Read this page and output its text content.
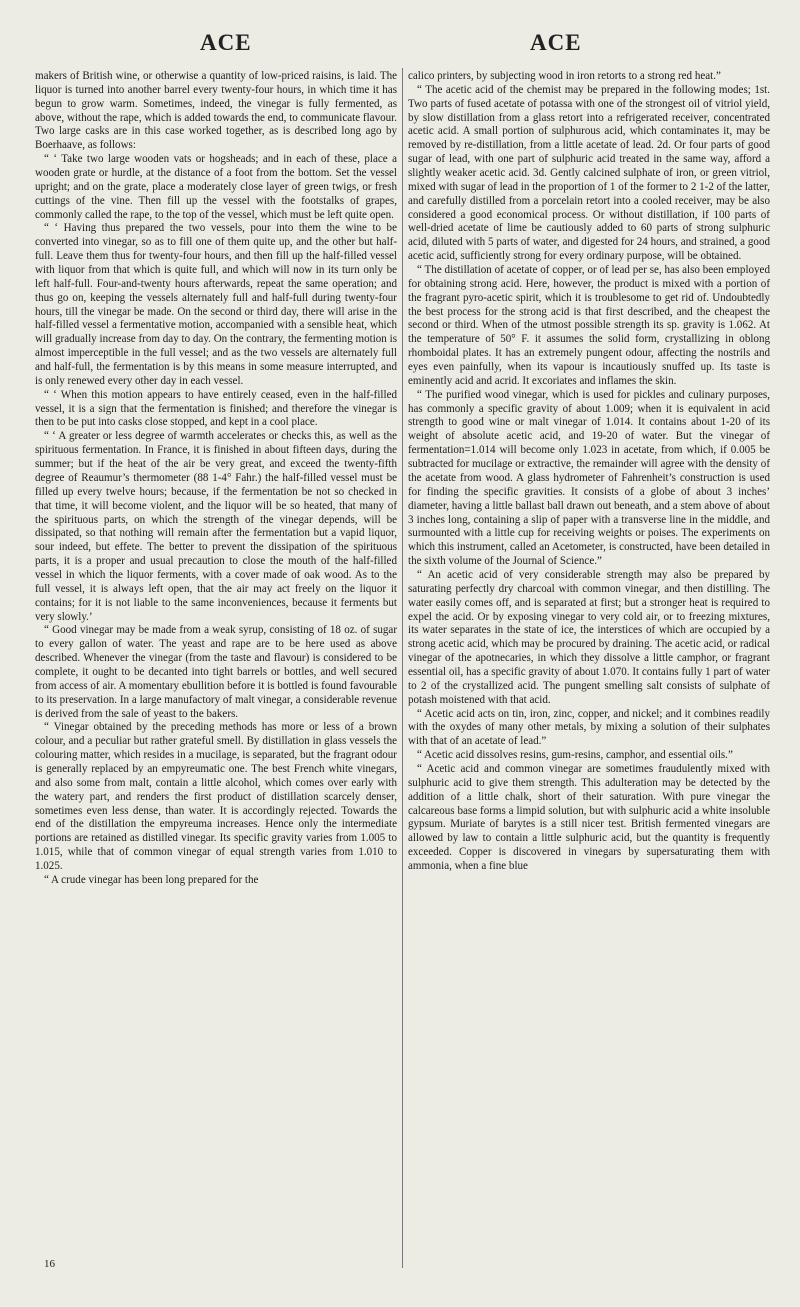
ACE	ACE

makers of British wine, or otherwise a quantity of low-priced raisins, is laid. The liquor is turned into another barrel every twenty-four hours, in which time it has begun to grow warm. Sometimes, indeed, the vinegar is fully fermented, as above, without the rape, which is added towards the end, to communicate flavour. Two large casks are in this case worked together, as is described long ago by Boerhaave, as follows:

“ ‘ Take two large wooden vats or hogsheads; and in each of these, place a wooden grate or hurdle, at the distance of a foot from the bottom. Set the vessel upright; and on the grate, place a moderately close layer of green twigs, or fresh cuttings of the vine. Then fill up the vessel with the footstalks of grapes, commonly called the rape, to the top of the vessel, which must be left quite open.

“ ‘ Having thus prepared the two vessels, pour into them the wine to be converted into vinegar, so as to fill one of them quite up, and the other but half-full. Leave them thus for twenty-four hours, and then fill up the half-filled vessel with liquor from that which is quite full, and which will now in its turn only be left half-full. Four-and-twenty hours afterwards, repeat the same operation; and thus go on, keeping the vessels alternately full and half-full during twenty-four hours, till the vinegar be made. On the second or third day, there will arise in the half-filled vessel a fermentative motion, accompanied with a sensible heat, which will gradually increase from day to day. On the contrary, the fermenting motion is almost imperceptible in the full vessel; and as the two vessels are alternately full and half-full, the fermentation is by this means in some measure interrupted, and is only renewed every other day in each vessel.

“ ‘ When this motion appears to have entirely ceased, even in the half-filled vessel, it is a sign that the fermentation is finished; and therefore the vinegar is then to be put into casks close stopped, and kept in a cool place.

“ ‘ A greater or less degree of warmth accelerates or checks this, as well as the spirituous fermentation. In France, it is finished in about fifteen days, during the summer; but if the heat of the air be very great, and exceed the twenty-fifth degree of Reaumur’s thermometer (88 1-4° Fahr.) the half-filled vessel must be filled up every twelve hours; because, if the fermentation be not so checked in that time, it will become violent, and the liquor will be so heated, that many of the spirituous parts, on which the strength of the vinegar depends, will be dissipated, so that nothing will remain after the fermentation but a vapid liquor, sour indeed, but effete. The better to prevent the dissipation of the spirituous parts, it is a proper and usual precaution to close the mouth of the half-filled vessel in which the liquor ferments, with a cover made of oak wood. As to the full vessel, it is always left open, that the air may act freely on the liquor it contains; for it is not liable to the same inconveniences, because it ferments but very slowly.’

“ Good vinegar may be made from a weak syrup, consisting of 18 oz. of sugar to every gallon of water. The yeast and rape are to be here used as above described. Whenever the vinegar (from the taste and flavour) is considered to be complete, it ought to be decanted into tight barrels or bottles, and well secured from access of air. A momentary ebullition before it is bottled is found favourable to its preservation. In a large manufactory of malt vinegar, a considerable revenue is derived from the sale of yeast to the bakers.

“ Vinegar obtained by the preceding methods has more or less of a brown colour, and a peculiar but rather grateful smell. By distillation in glass vessels the colouring matter, which resides in a mucilage, is separated, but the fragrant odour is generally replaced by an empyreumatic one. The best French white vinegars, and also some from malt, contain a little alcohol, which comes over early with the watery part, and renders the first product of distillation scarcely denser, sometimes even less dense, than water. It is accordingly rejected. Towards the end of the distillation the empyreuma increases. Hence only the intermediate portions are retained as distilled vinegar. Its specific gravity varies from 1.005 to 1.015, while that of common vinegar of equal strength varies from 1.010 to 1.025.

“ A crude vinegar has been long prepared for the

calico printers, by subjecting wood in iron retorts to a strong red heat.”

“ The acetic acid of the chemist may be prepared in the following modes; 1st. Two parts of fused acetate of potassa with one of the strongest oil of vitriol yield, by slow distillation from a glass retort into a refrigerated receiver, concentrated acetic acid. A small portion of sulphurous acid, which contaminates it, may be removed by re-distillation, from a little acetate of lead. 2d. Or four parts of good sugar of lead, with one part of sulphuric acid treated in the same way, afford a slightly weaker acetic acid. 3d. Gently calcined sulphate of iron, or green vitriol, mixed with sugar of lead in the proportion of 1 of the former to 2 1-2 of the latter, and carefully distilled from a porcelain retort into a cooled receiver, may be also considered a good economical process. Or without distillation, if 100 parts of well-dried acetate of lime be cautiously added to 60 parts of strong sulphuric acid, diluted with 5 parts of water, and digested for 24 hours, and strained, a good acetic acid, sufficiently strong for every ordinary purpose, will be obtained.

“ The distillation of acetate of copper, or of lead per se, has also been employed for obtaining strong acid. Here, however, the product is mixed with a portion of the fragrant pyro-acetic spirit, which it is troublesome to get rid of. Undoubtedly the best process for the strong acid is that first described, and the cheapest the second or third. When of the utmost possible strength its sp. gravity is 1.062. At the temperature of 50° F. it assumes the solid form, crystallizing in oblong rhomboidal plates. It has an extremely pungent odour, affecting the nostrils and eyes even painfully, when its vapour is incautiously snuffed up. Its taste is eminently acid and acrid. It excoriates and inflames the skin.

“ The purified wood vinegar, which is used for pickles and culinary purposes, has commonly a specific gravity of about 1.009; when it is equivalent in acid strength to good wine or malt vinegar of 1.014. It contains about 1-20 of its weight of absolute acetic acid, and 19-20 of water. But the vinegar of fermentation=1.014 will become only 1.023 in acetate, from which, if 0.005 be subtracted for mucilage or extractive, the remainder will agree with the density of the acetate from wood. A glass hydrometer of Fahrenheit’s construction is used for finding the specific gravities. It consists of a globe of about 3 inches’ diameter, having a little ballast ball drawn out beneath, and a stem above of about 3 inches long, containing a slip of paper with a transverse line in the middle, and surmounted with a little cup for receiving weights or poises. The experiments on which this instrument, called an Acetometer, is constructed, have been detailed in the sixth volume of the Journal of Science.”

“ An acetic acid of very considerable strength may also be prepared by saturating perfectly dry charcoal with common vinegar, and then distilling. The water easily comes off, and is separated at first; but a stronger heat is required to expel the acid. Or by exposing vinegar to very cold air, or to freezing mixtures, its water separates in the state of ice, the interstices of which are occupied by a strong acetic acid, which may be procured by draining. The acetic acid, or radical vinegar of the apotnecaries, in which they dissolve a little camphor, or fragrant essential oil, has a specific gravity of about 1.070. It contains fully 1 part of water to 2 of the crystallized acid. The pungent smelling salt consists of sulphate of potash moistened with that acid.

“ Acetic acid acts on tin, iron, zinc, copper, and nickel; and it combines readily with the oxydes of many other metals, by mixing a solution of their sulphates with that of an acetate of lead.”

“ Acetic acid dissolves resins, gum-resins, camphor, and essential oils.”

“ Acetic acid and common vinegar are sometimes fraudulently mixed with sulphuric acid to give them strength. This adulteration may be detected by the addition of a little chalk, short of their saturation. With pure vinegar the calcareous base forms a limpid solution, but with sulphuric acid a white insoluble gypsum. Muriate of barytes is a still nicer test. British fermented vinegars are allowed by law to contain a little sulphuric acid, but the quantity is frequently exceeded. Copper is discovered in vinegars by supersaturating them with ammonia, when a fine blue

16
